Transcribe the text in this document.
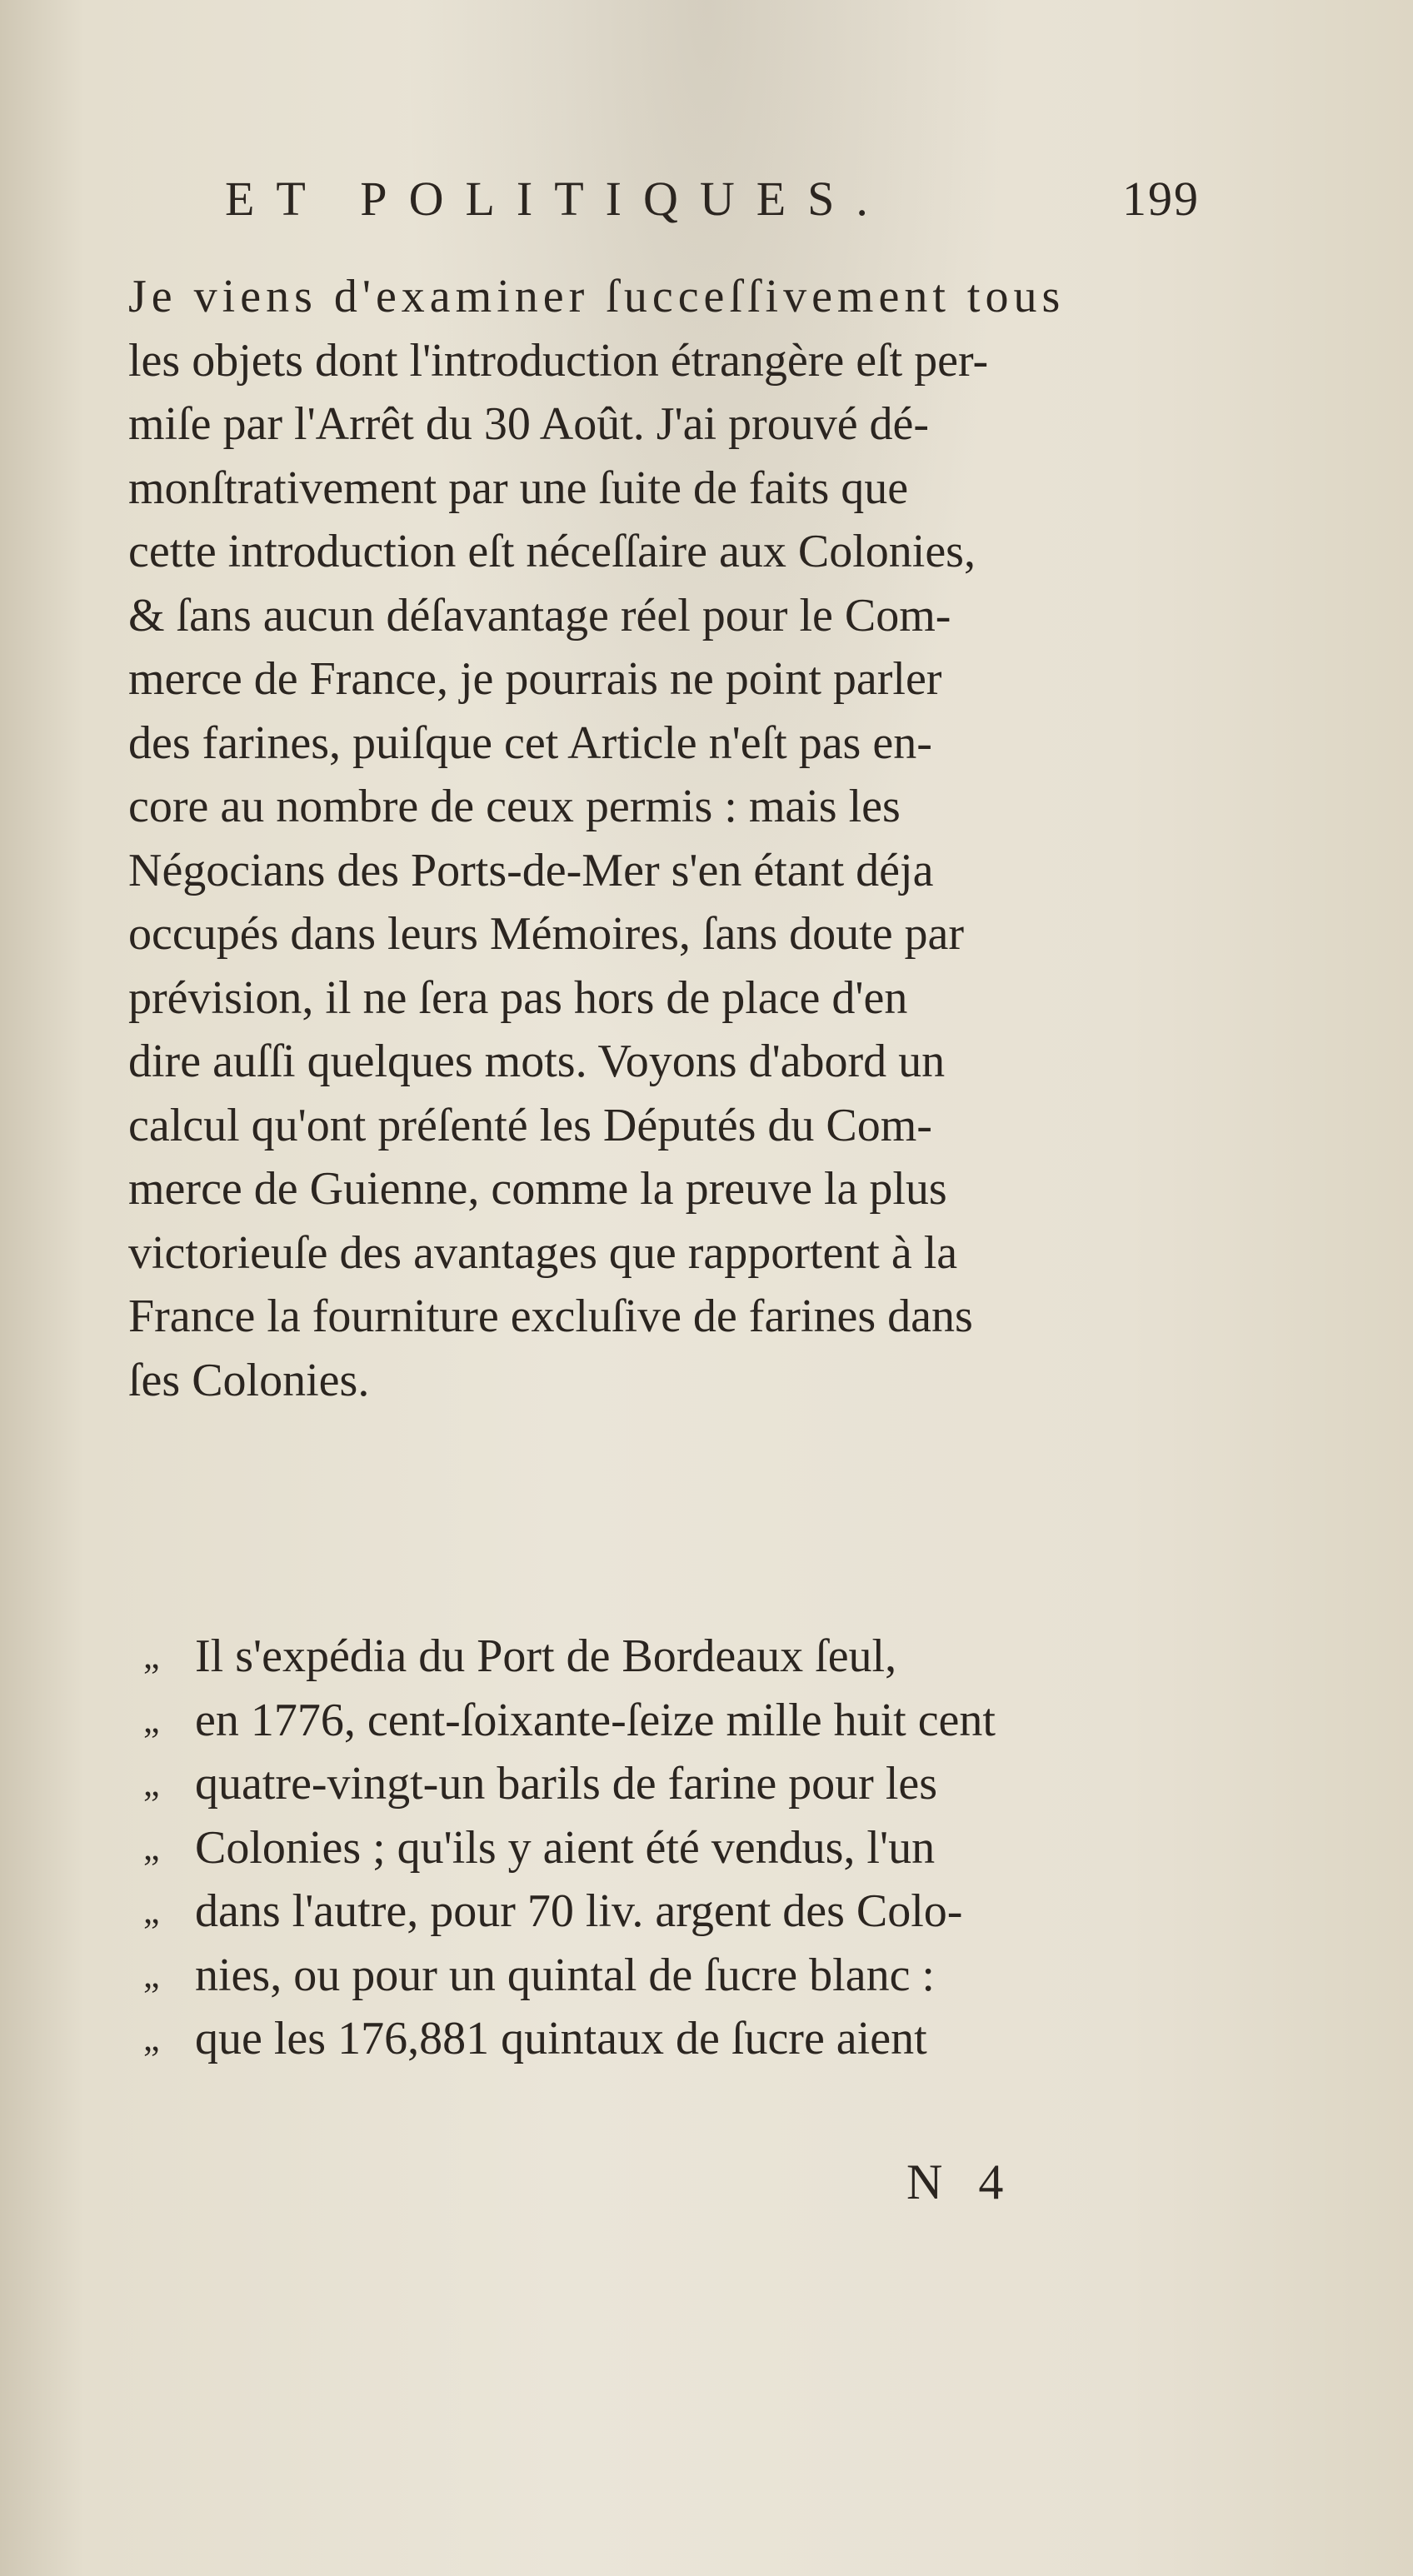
ET POLITIQUES.	199
Je viens d'examiner ſucceſſivement tous
les objets dont l'introduction étrangère eſt per-
miſe par l'Arrêt du 30 Août. J'ai prouvé dé-
monſtrativement par une ſuite de faits que
cette introduction eſt néceſſaire aux Colonies,
& ſans aucun déſavantage réel pour le Com-
merce de France, je pourrais ne point parler
des farines, puiſque cet Article n'eſt pas en-
core au nombre de ceux permis : mais les
Négocians des Ports-de-Mer s'en étant déja
occupés dans leurs Mémoires, ſans doute par
prévision, il ne ſera pas hors de place d'en
dire auſſi quelques mots. Voyons d'abord un
calcul qu'ont préſenté les Députés du Com-
merce de Guienne, comme la preuve la plus
victorieuſe des avantages que rapportent à la
France la fourniture excluſive de farines dans
ſes Colonies.
„ Il s'expédia du Port de Bordeaux ſeul,
„ en 1776, cent-ſoixante-ſeize mille huit cent
„ quatre-vingt-un barils de farine pour les
„ Colonies ; qu'ils y aient été vendus, l'un
„ dans l'autre, pour 70 liv. argent des Colo-
„ nies, ou pour un quintal de ſucre blanc :
„ que les 176,881 quintaux de ſucre aient
N 4
